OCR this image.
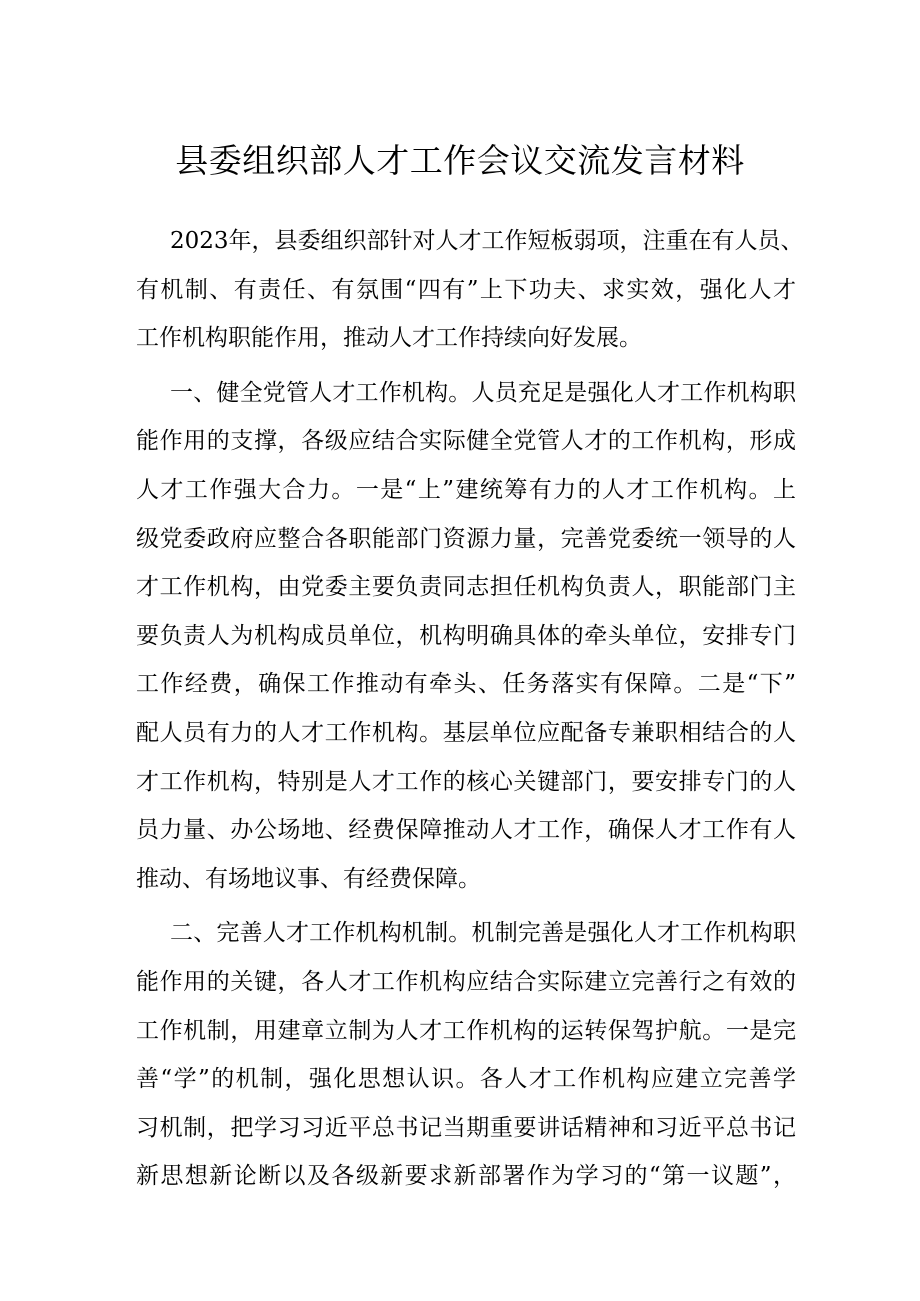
县委组织部人才工作会议交流发言材料

2023年，县委组织部针对人才工作短板弱项，注重在有人员、
有机制、有责任、有氛围“四有”上下功夫、求实效，强化人才
工作机构职能作用，推动人才工作持续向好发展。

一、健全党管人才工作机构。人员充足是强化人才工作机构职
能作用的支撑，各级应结合实际健全党管人才的工作机构，形成
人才工作强大合力。一是“上”建统筹有力的人才工作机构。上
级党委政府应整合各职能部门资源力量，完善党委统一领导的人
才工作机构，由党委主要负责同志担任机构负责人，职能部门主
要负责人为机构成员单位，机构明确具体的牵头单位，安排专门
工作经费，确保工作推动有牵头、任务落实有保障。二是“下”
配人员有力的人才工作机构。基层单位应配备专兼职相结合的人
才工作机构，特别是人才工作的核心关键部门，要安排专门的人
员力量、办公场地、经费保障推动人才工作，确保人才工作有人
推动、有场地议事、有经费保障。

二、完善人才工作机构机制。机制完善是强化人才工作机构职
能作用的关键，各人才工作机构应结合实际建立完善行之有效的
工作机制，用建章立制为人才工作机构的运转保驾护航。一是完
善“学”的机制，强化思想认识。各人才工作机构应建立完善学
习机制，把学习习近平总书记当期重要讲话精神和习近平总书记
新思想新论断以及各级新要求新部署作为学习的“第一议题”，
